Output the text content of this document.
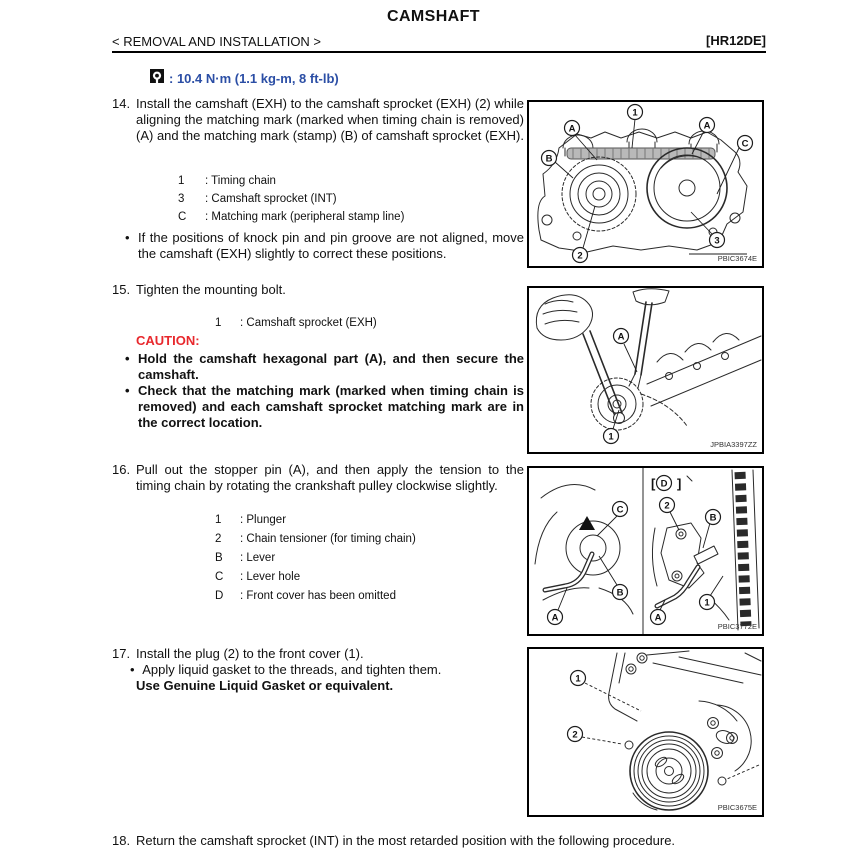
CAMSHAFT
< REMOVAL AND INSTALLATION >	[HR12DE]
: 10.4 N·m (1.1 kg-m, 8 ft-lb)
14. Install the camshaft (EXH) to the camshaft sprocket (EXH) (2) while aligning the matching mark (marked when timing chain is removed) (A) and the matching mark (stamp) (B) of camshaft sprocket (EXH).
1	: Timing chain
3	: Camshaft sprocket (INT)
C	: Matching mark (peripheral stamp line)
• If the positions of knock pin and pin groove are not aligned, move the camshaft (EXH) slightly to correct these positions.
15. Tighten the mounting bolt.
1	: Camshaft sprocket (EXH)
CAUTION:
• Hold the camshaft hexagonal part (A), and then secure the camshaft.
• Check that the matching mark (marked when timing chain is removed) and each camshaft sprocket matching mark are in the correct location.
16. Pull out the stopper pin (A), and then apply the tension to the timing chain by rotating the crankshaft pulley clockwise slightly.
1	: Plunger
2	: Chain tensioner (for timing chain)
B	: Lever
C	: Lever hole
D	: Front cover has been omitted
17. Install the plug (2) to the front cover (1).
• Apply liquid gasket to the threads, and tighten them.
Use Genuine Liquid Gasket or equivalent.
18. Return the camshaft sprocket (INT) in the most retarded position with the following procedure.
1
A	A
B
C
2
3
PBIC3674E
A
1
JPBIA3397ZZ
[ ]
C
B
A
D
2
B
1
A
PBIC3772E
1
2
PBIC3675E
